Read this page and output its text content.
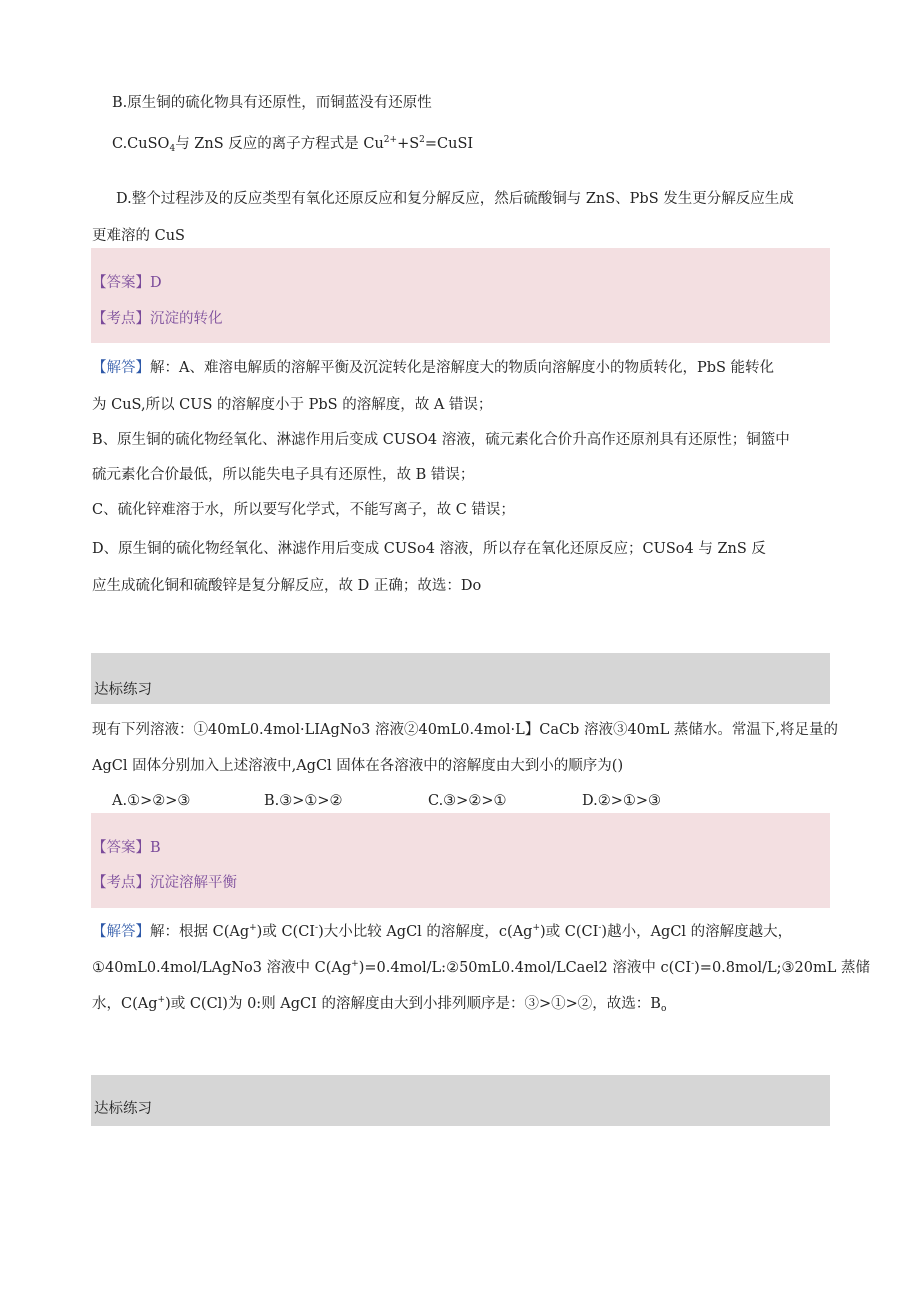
B.原生铜的硫化物具有还原性，而铜蓝没有还原性
C.CuSO$_4$与 ZnS 反应的离子方程式是 $Cu^{2+}+S^2=CuSI$
D.整个过程涉及的反应类型有氧化还原反应和复分解反应，然后硫酸铜与 ZnS、PbS 发生更分解反应生成
更难溶的 CuS
【答案】D
【考点】沉淀的转化
【解答】解：A、难溶电解质的溶解平衡及沉淀转化是溶解度大的物质向溶解度小的物质转化，PbS 能转化
为 CuS,所以 CUS 的溶解度小于 PbS 的溶解度，故 A 错误；
B、原生铜的硫化物经氧化、淋滤作用后变成 CUSO4 溶液，硫元素化合价升高作还原剂具有还原性；铜篮中
硫元素化合价最低，所以能失电子具有还原性，故 B 错误；
C、硫化锌难溶于水，所以要写化学式，不能写离子，故 C 错误；
D、原生铜的硫化物经氧化、淋滤作用后变成 CUSo4 溶液，所以存在氧化还原反应；CUSo4 与 ZnS 反
应生成硫化铜和硫酸锌是复分解反应，故 D 正确；故选：Do
达标练习
现有下列溶液：①40mL0.4mol·LIAgNo3 溶液②40mL0.4mol·L】CaCb 溶液③40mL 蒸储水。常温下,将足量的
AgCl 固体分别加入上述溶液中,AgCl 固体在各溶液中的溶解度由大到小的顺序为()
A.①>②>③	B.③>①>②	C.③>②>①	D.②>①>③
【答案】B
【考点】沉淀溶解平衡
【解答】解：根据 C(Ag+)或 C(CI-)大小比较 AgCl 的溶解度，c(Ag+)或 C(CI-)越小，AgCl 的溶解度越大，
①40mL0.4mol/LAgNo3 溶液中 C(Ag+)=0.4mol/L:②50mL0.4mol/LCael2 溶液中 c(CI-)=0.8mol/L;③20mL 蒸储
水，C(Ag+)或 C(Cl)为 0:则 AgCI 的溶解度由大到小排列顺序是：③>①>②，故选：$B_o$
达标练习
